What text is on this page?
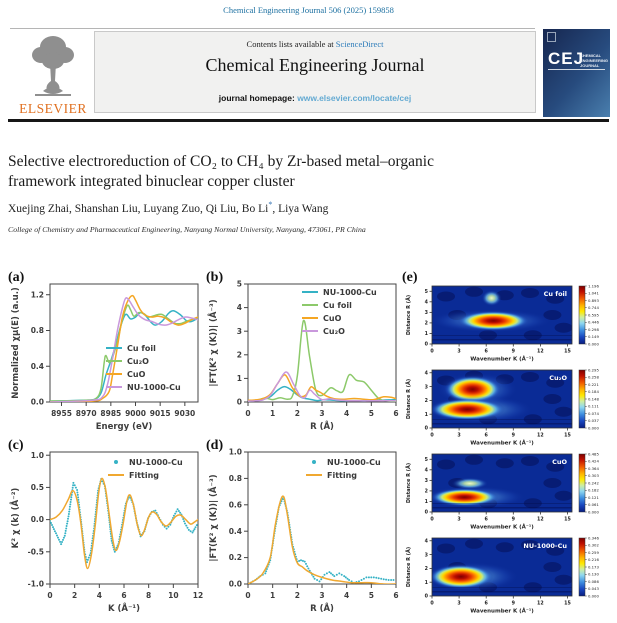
Chemical Engineering Journal 506 (2025) 159858
ELSEVIER
Contents lists available at ScienceDirect
Chemical Engineering Journal
journal homepage: www.elsevier.com/locate/cej
CEJ
CHEMICAL ENGINEERING JOURNAL
Selective electroreduction of CO₂ to CH₄ by Zr-based metal–organic
framework integrated binuclear copper cluster
Xuejing Zhai, Shanshan Liu, Luyang Zuo, Qi Liu, Bo Li*, Liya Wang
College of Chemistry and Pharmaceutical Engineering, Nanyang Normal University, Nanyang, 473061, PR China
(a)
8955 8970 8985 9000 9015 9030
0.0
0.4
0.8
1.2
Energy (eV)
Normalized χμ(E) (a.u.)	Cu foil
Cu₂O
CuO
NU-1000-Cu
(b)
0	1	2	3	4	5	6
0
1
2
3
4
5
R (Å)
|FT(K² χ (K))| (Å⁻³)
NU-1000-Cu
Cu foil
CuO
Cu₂O
(c)
0	2	4	6	8 10 12
-1.0
-0.5
0.0
0.5
1.0
K (Å⁻¹)
K² χ (k) (Å⁻²)
NU-1000-Cu
Fitting
(d)
0	1	2	3	4	5	6
0.0
0.2
0.4
0.6
0.8
1.0
R (Å)
|FT(K² χ (K))| (Å⁻³)
NU-1000-Cu
Fitting
(e)
0	3	6	9	12	15
0
1
2
3
4
5
Wavenumber K (Å⁻¹)
Distance R (Å)
Cu foil
1.196
1.041
0.893
0.744
0.595
0.446
0.298
0.149
0.000
0	3	6	9	12	15
0
1
2
3
4
Wavenumber K (Å⁻¹)
Distance R (Å)
Cu₂O
0.295
0.258
0.221
0.184
0.148
0.111
0.074
0.037
0.000
0	3	6	9	12	15
0
1
2
3
4
5
Wavenumber K (Å⁻¹)
Distance R (Å)
CuO
0.485
0.424
0.364
0.303
0.242
0.182
0.121
0.061
0.000
0	3	6	9	12	15
0
1
2
3
4
Wavenumber K (Å⁻¹)
Distance R (Å)
NU-1000-Cu
0.346
0.302
0.259
0.216
0.173
0.130
0.086
0.043
0.000
